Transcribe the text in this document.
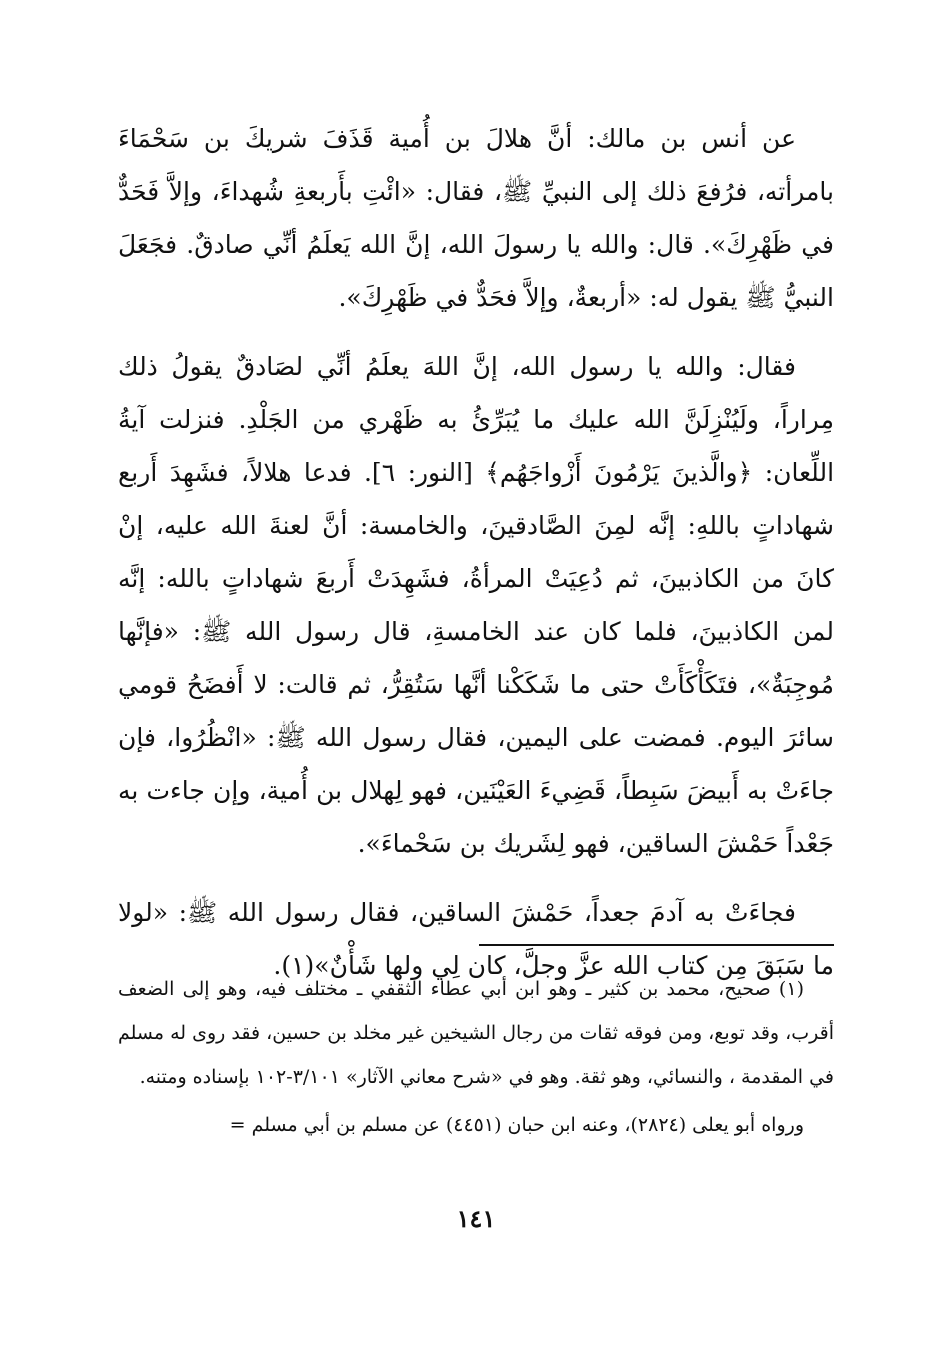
عن أنس بن مالك: أنَّ هلالَ بن أُمية قَذَفَ شريكَ بن سَحْمَاءَ بامرأته، فرُفعَ ذلك إلى النبيِّ ﷺ، فقال: «ائْتِ بأَربعةِ شُهداءَ، وإلاَّ فَحَدٌّ في ظَهْرِكَ». قال: والله يا رسولَ الله، إنَّ الله يَعلَمُ أنِّي صادقٌ. فجَعَلَ النبيُّ ﷺ يقول له: «أربعةٌ، وإلاَّ فحَدٌّ في ظَهْرِكَ».

فقال: والله يا رسول الله، إنَّ اللهَ يعلَمُ أنِّي لصَادقٌ يقولُ ذلك مِراراً، ولَيُنْزِلَنَّ الله عليك ما يُبَرِّئُ به ظَهْري من الجَلْدِ. فنزلت آيةُ اللِّعان: ﴿والَّذينَ يَرْمُونَ أَزْواجَهُم﴾ [النور: ٦]. فدعا هلالاً، فشَهِدَ أَربع شهاداتٍ باللهِ: إنَّه لمِنَ الصَّادقينَ، والخامسة: أنَّ لعنةَ الله عليه، إنْ كانَ من الكاذبينَ، ثم دُعِيَتْ المرأةُ، فشَهِدَتْ أَربعَ شهاداتٍ بالله: إنَّه لمن الكاذبينَ، فلما كان عند الخامسةِ، قال رسول الله ﷺ: «فإنَّها مُوجِبَةٌ»، فتَكَأْكَأَتْ حتى ما شَكَكْنا أنَّها سَتُقِرُّ، ثم قالت: لا أَفضَحُ قومي سائرَ اليوم. فمضت على اليمين، فقال رسول الله ﷺ: «انْظُرُوا، فإن جاءَتْ به أَبيضَ سَبِطاً، قَضِيءَ العَيْنَين، فهو لِهلال بن أُمية، وإن جاءت به جَعْداً حَمْشَ الساقين، فهو لِشَريك بن سَحْماءَ».

فجاءَتْ به آدمَ جعداً، حَمْشَ الساقين، فقال رسول الله ﷺ: «لولا ما سَبَقَ مِن كتاب الله عزَّ وجلَّ، كان لِي ولها شَأْنٌ»(١).

(١) صحيح، محمد بن كثير ـ وهو ابن أبي عطاء الثقفي ـ مختلف فيه، وهو إلى الضعف أقرب، وقد توبع، ومن فوقه ثقات من رجال الشيخين غير مخلد بن حسين، فقد روى له مسلم في المقدمة ، والنسائي، وهو ثقة. وهو في «شرح معاني الآثار» ٣/١٠١-١٠٢ بإسناده ومتنه.

ورواه أبو يعلى (٢٨٢٤)، وعنه ابن حبان (٤٤٥١) عن مسلم بن أبي مسلم =

١٤١
